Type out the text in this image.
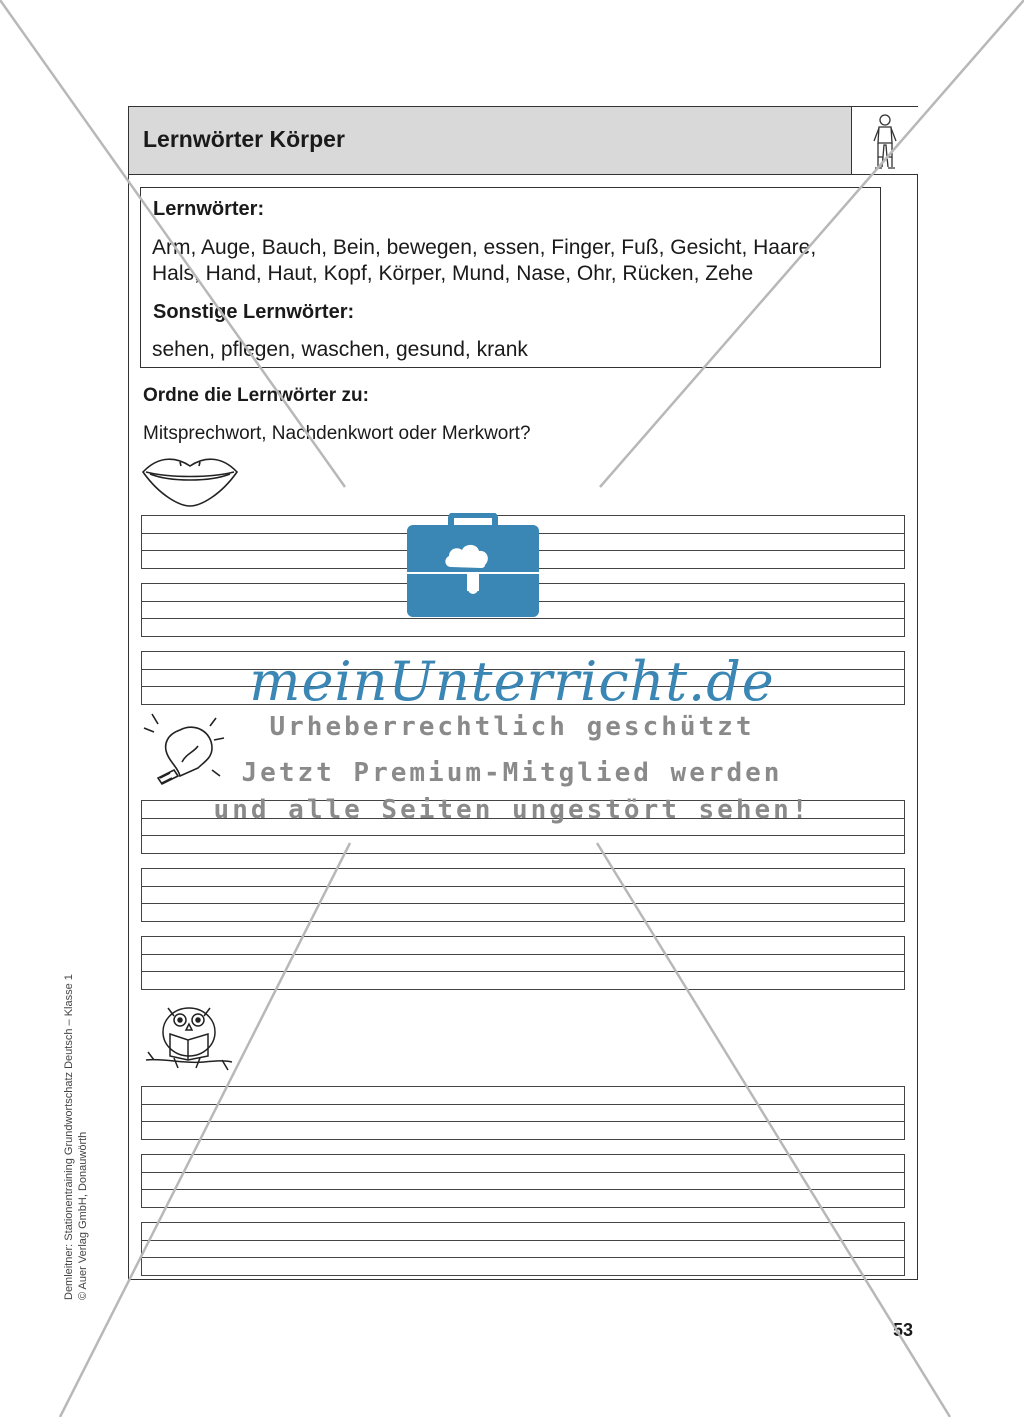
Lernwörter Körper
Lernwörter:
Arm, Auge, Bauch, Bein, bewegen, essen, Finger, Fuß, Gesicht, Haare,
Hals, Hand, Haut, Kopf, Körper, Mund, Nase, Ohr, Rücken, Zehe
Sonstige Lernwörter:
sehen, pflegen, waschen, gesund, krank
Ordne die Lernwörter zu:
Mitsprechwort, Nachdenkwort oder Merkwort?
Demleitner: Stationentraining Grundwortschatz Deutsch – Klasse 1 © Auer Verlag GmbH, Donauwörth
53
meinUnterricht.de
Urheberrechtlich geschützt
Jetzt Premium-Mitglied werden
und alle Seiten ungestört sehen!
